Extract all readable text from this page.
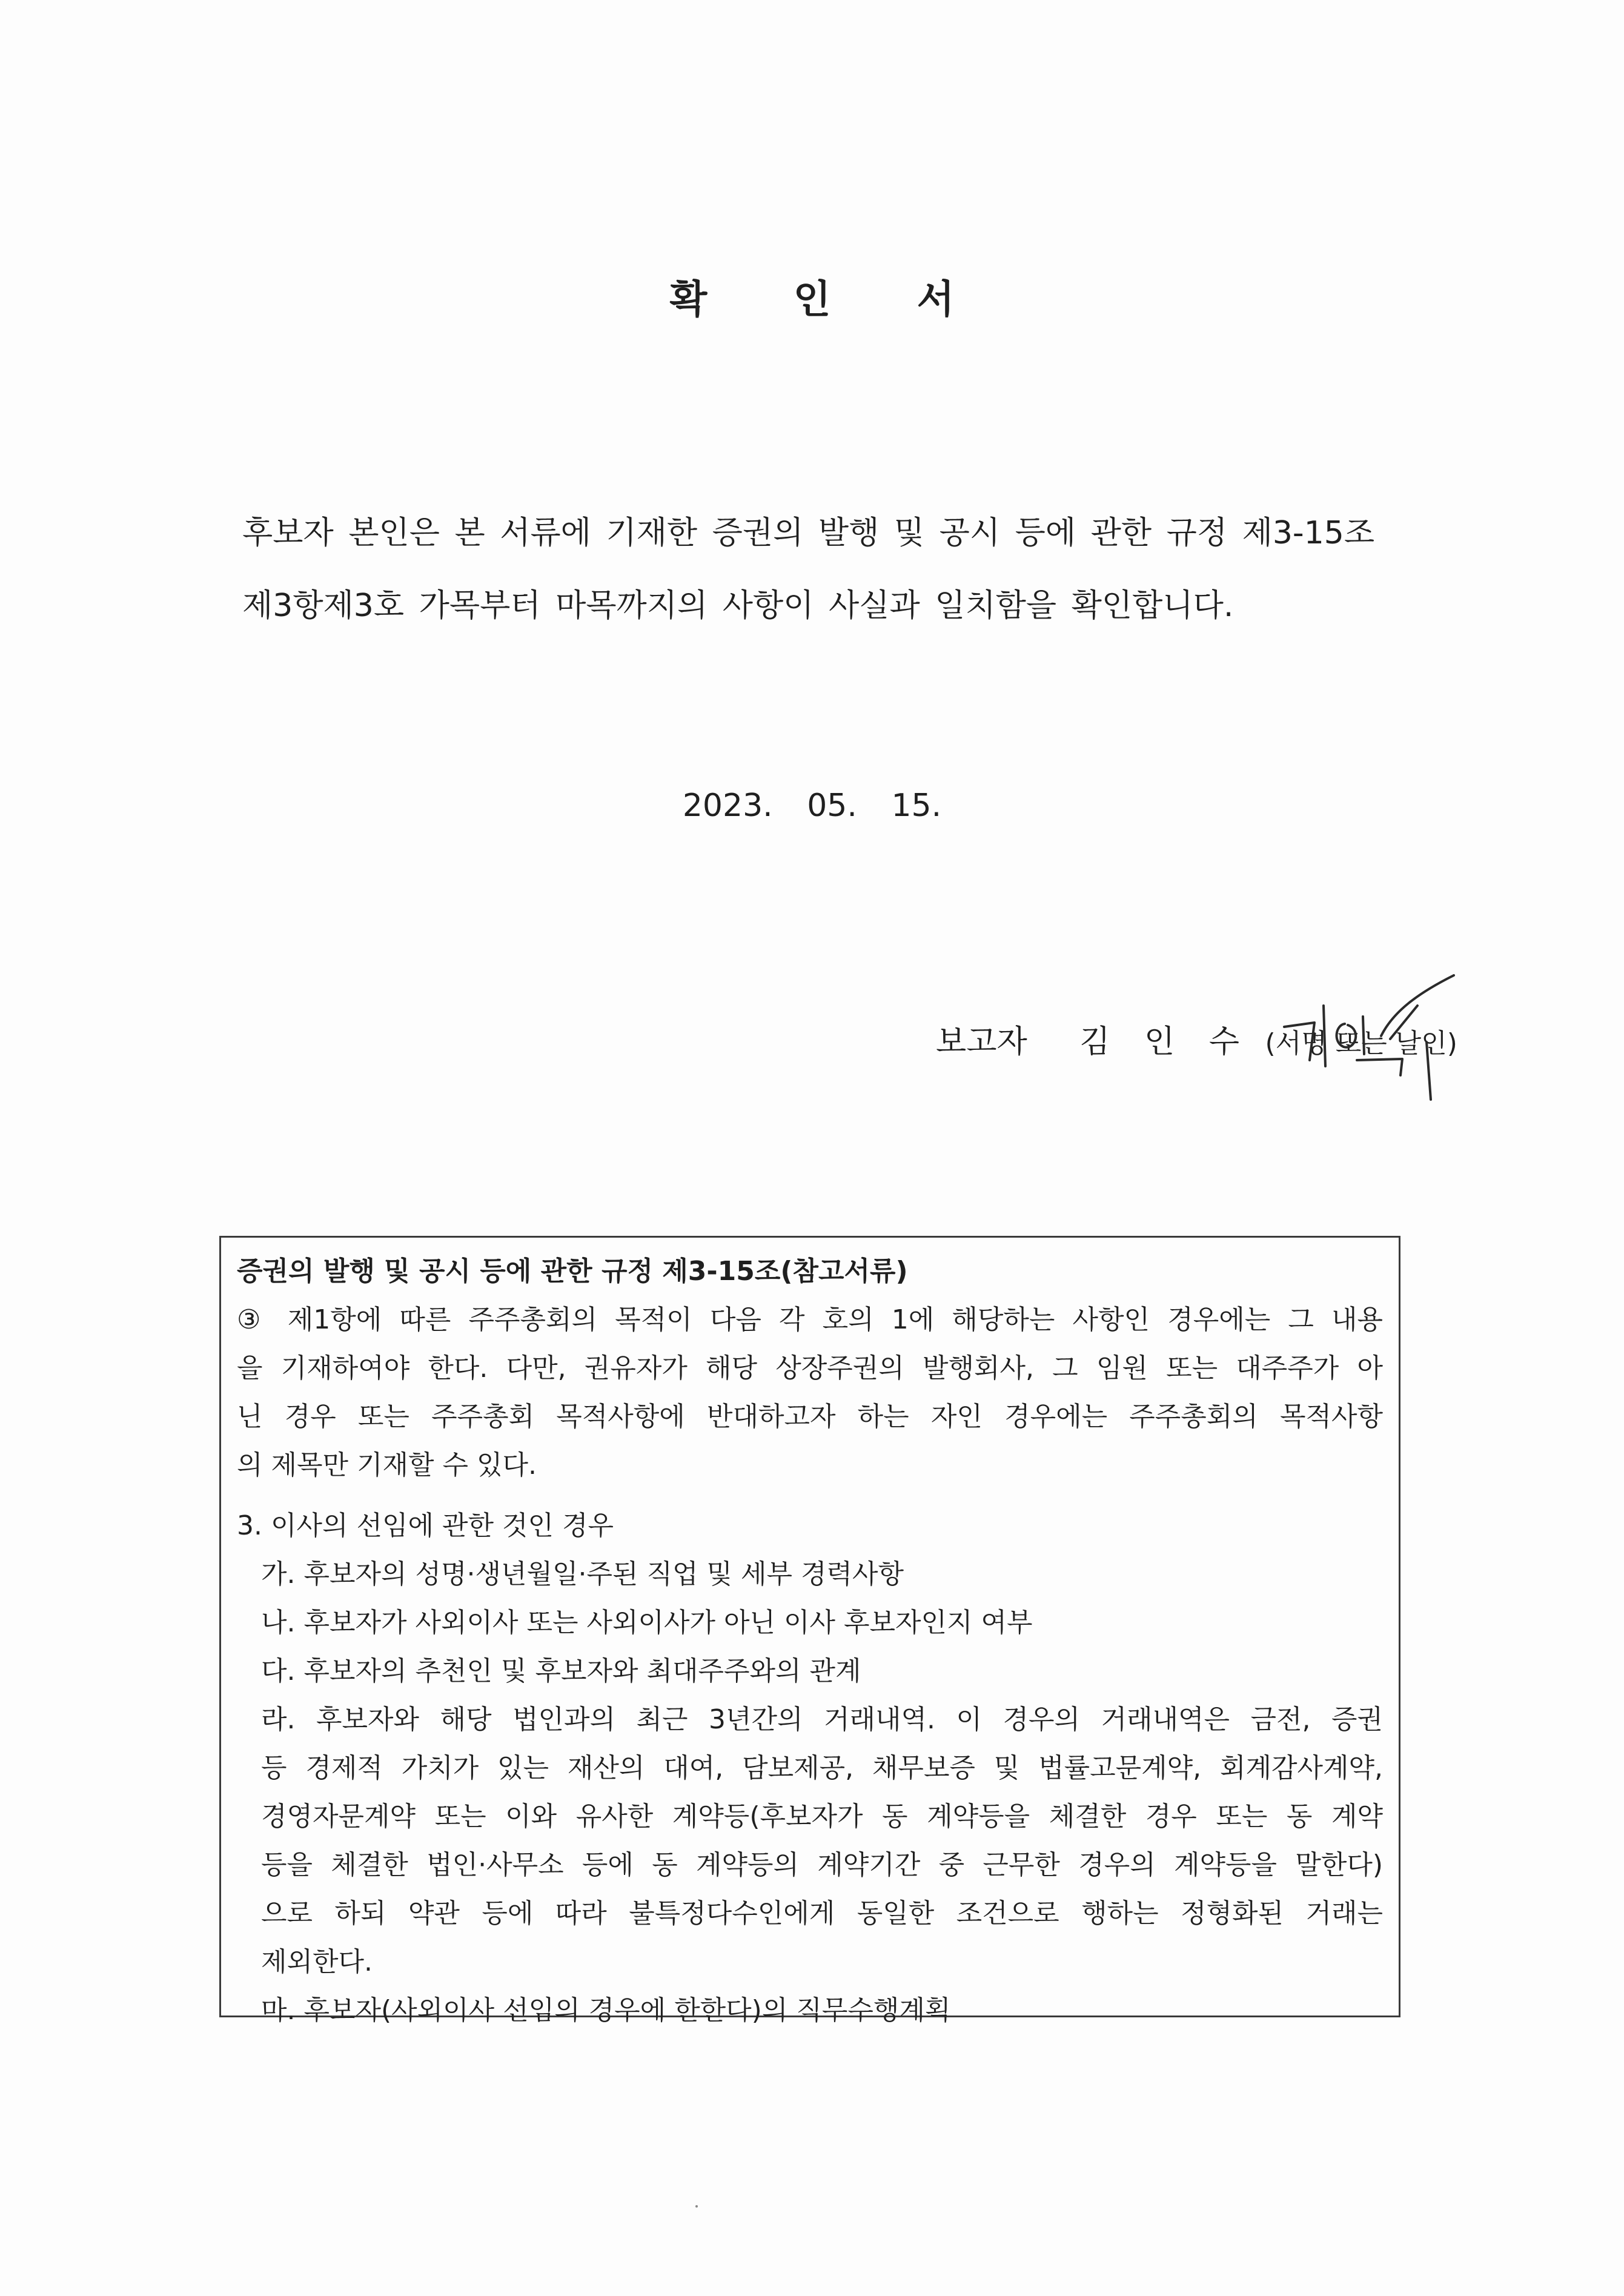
확 인 서

후보자 본인은 본 서류에 기재한 증권의 발행 및 공시 등에 관한 규정 제3-15조

제3항제3호 가목부터 마목까지의 사항이 사실과 일치함을 확인합니다.

2023. 05. 15.
보고자 김 인 수 (서명 또는 날인)

증권의 발행 및 공시 등에 관한 규정 제3-15조(참고서류)

③ 제1항에 따른 주주총회의 목적이 다음 각 호의 1에 해당하는 사항인 경우에는 그 내용

을 기재하여야 한다. 다만, 권유자가 해당 상장주권의 발행회사, 그 임원 또는 대주주가 아

닌 경우 또는 주주총회 목적사항에 반대하고자 하는 자인 경우에는 주주총회의 목적사항

의 제목만 기재할 수 있다.

3. 이사의 선임에 관한 것인 경우

가. 후보자의 성명·생년월일·주된 직업 및 세부 경력사항

나. 후보자가 사외이사 또는 사외이사가 아닌 이사 후보자인지 여부

다. 후보자의 추천인 및 후보자와 최대주주와의 관계

라. 후보자와 해당 법인과의 최근 3년간의 거래내역. 이 경우의 거래내역은 금전, 증권

등 경제적 가치가 있는 재산의 대여, 담보제공, 채무보증 및 법률고문계약, 회계감사계약,

경영자문계약 또는 이와 유사한 계약등(후보자가 동 계약등을 체결한 경우 또는 동 계약

등을 체결한 법인·사무소 등에 동 계약등의 계약기간 중 근무한 경우의 계약등을 말한다)

으로 하되 약관 등에 따라 불특정다수인에게 동일한 조건으로 행하는 정형화된 거래는

제외한다.

마. 후보자(사외이사 선임의 경우에 한한다)의 직무수행계획
